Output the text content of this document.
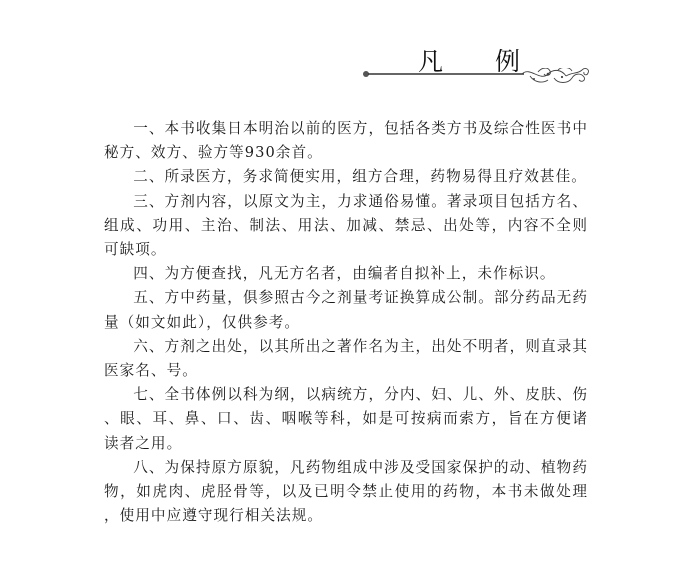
凡 例

一、本书收集日本明治以前的医方，包括各类方书及综合性医书中秘方、效方、验方等930余首。

二、所录医方，务求简便实用，组方合理，药物易得且疗效甚佳。

三、方剂内容，以原文为主，力求通俗易懂。著录项目包括方名、组成、功用、主治、制法、用法、加减、禁忌、出处等，内容不全则可缺项。

四、为方便查找，凡无方名者，由编者自拟补上，未作标识。

五、方中药量，俱参照古今之剂量考证换算成公制。部分药品无药量（如文如此），仅供参考。

六、方剂之出处，以其所出之著作名为主，出处不明者，则直录其医家名、号。

七、全书体例以科为纲，以病统方，分内、妇、儿、外、皮肤、伤、眼、耳、鼻、口、齿、咽喉等科，如是可按病而索方，旨在方便诸读者之用。

八、为保持原方原貌，凡药物组成中涉及受国家保护的动、植物药物，如虎肉、虎胫骨等，以及已明令禁止使用的药物，本书未做处理，使用中应遵守现行相关法规。
